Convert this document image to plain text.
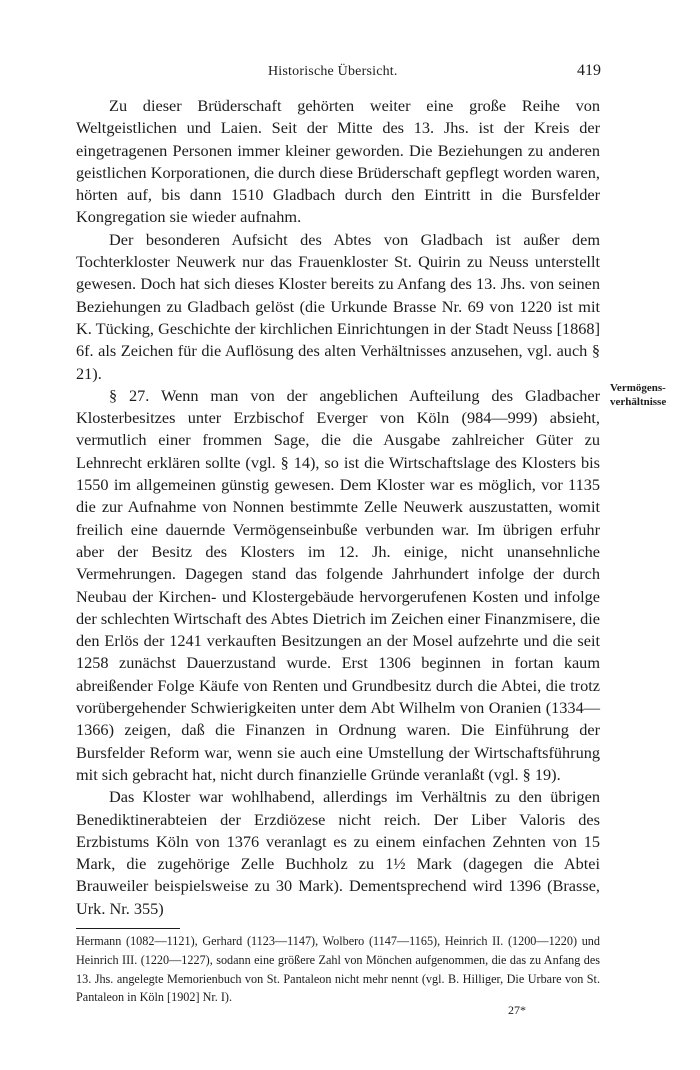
Historische Übersicht.	419

Zu dieser Brüderschaft gehörten weiter eine große Reihe von Weltgeistlichen und Laien. Seit der Mitte des 13. Jhs. ist der Kreis der eingetragenen Personen immer kleiner geworden. Die Beziehungen zu anderen geistlichen Korporationen, die durch diese Brüderschaft gepflegt worden waren, hörten auf, bis dann 1510 Gladbach durch den Eintritt in die Bursfelder Kongregation sie wieder aufnahm.

Der besonderen Aufsicht des Abtes von Gladbach ist außer dem Tochterkloster Neuwerk nur das Frauenkloster St. Quirin zu Neuss unterstellt gewesen. Doch hat sich dieses Kloster bereits zu Anfang des 13. Jhs. von seinen Beziehungen zu Gladbach gelöst (die Urkunde Brasse Nr. 69 von 1220 ist mit K. Tücking, Geschichte der kirchlichen Einrichtungen in der Stadt Neuss [1868] 6f. als Zeichen für die Auflösung des alten Verhältnisses anzusehen, vgl. auch § 21).

§ 27. Wenn man von der angeblichen Aufteilung des Gladbacher Klosterbesitzes unter Erzbischof Everger von Köln (984—999) absieht, vermutlich einer frommen Sage, die die Ausgabe zahlreicher Güter zu Lehnrecht erklären sollte (vgl. § 14), so ist die Wirtschaftslage des Klosters bis 1550 im allgemeinen günstig gewesen. Dem Kloster war es möglich, vor 1135 die zur Aufnahme von Nonnen bestimmte Zelle Neuwerk auszustatten, womit freilich eine dauernde Vermögenseinbuße verbunden war. Im übrigen erfuhr aber der Besitz des Klosters im 12. Jh. einige, nicht unansehnliche Vermehrungen. Dagegen stand das folgende Jahrhundert infolge der durch Neubau der Kirchen- und Klostergebäude hervorgerufenen Kosten und infolge der schlechten Wirtschaft des Abtes Dietrich im Zeichen einer Finanzmisere, die den Erlös der 1241 verkauften Besitzungen an der Mosel aufzehrte und die seit 1258 zunächst Dauerzustand wurde. Erst 1306 beginnen in fortan kaum abreißender Folge Käufe von Renten und Grundbesitz durch die Abtei, die trotz vorübergehender Schwierigkeiten unter dem Abt Wilhelm von Oranien (1334—1366) zeigen, daß die Finanzen in Ordnung waren. Die Einführung der Bursfelder Reform war, wenn sie auch eine Umstellung der Wirtschaftsführung mit sich gebracht hat, nicht durch finanzielle Gründe veranlaßt (vgl. § 19).

Das Kloster war wohlhabend, allerdings im Verhältnis zu den übrigen Benediktinerabteien der Erzdiözese nicht reich. Der Liber Valoris des Erzbistums Köln von 1376 veranlagt es zu einem einfachen Zehnten von 15 Mark, die zugehörige Zelle Buchholz zu 1½ Mark (dagegen die Abtei Brauweiler beispielsweise zu 30 Mark). Dementsprechend wird 1396 (Brasse, Urk. Nr. 355)

Vermögens-
verhältnisse

Hermann (1082—1121), Gerhard (1123—1147), Wolbero (1147—1165), Heinrich II. (1200—1220) und Heinrich III. (1220—1227), sodann eine größere Zahl von Mönchen aufgenommen, die das zu Anfang des 13. Jhs. angelegte Memorienbuch von St. Pantaleon nicht mehr nennt (vgl. B. Hilliger, Die Urbare von St. Pantaleon in Köln [1902] Nr. I).

27*
